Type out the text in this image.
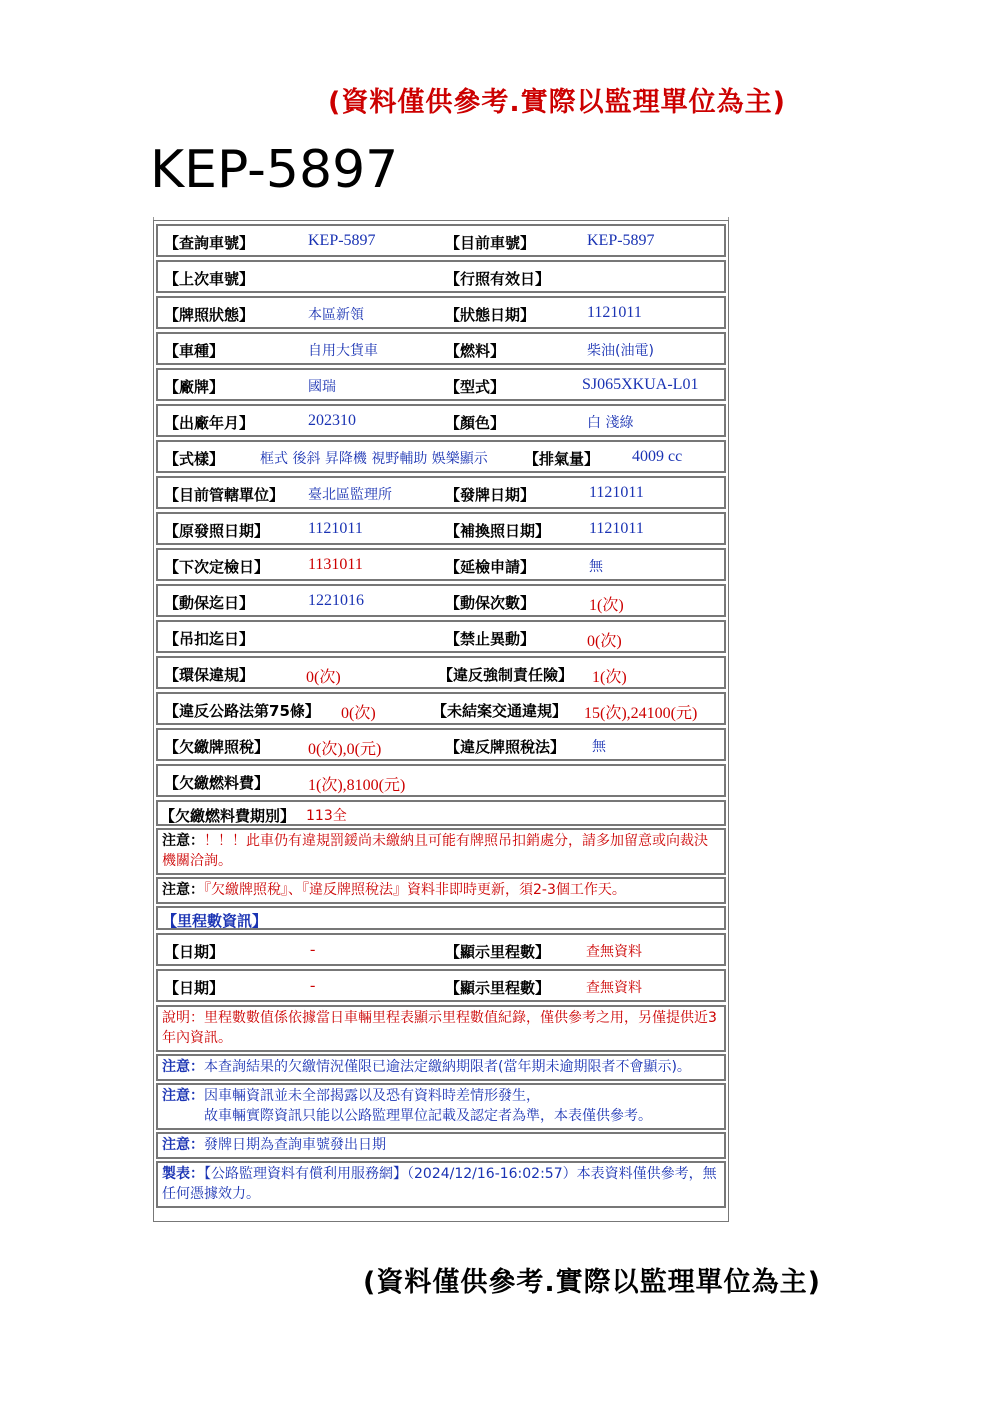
(資料僅供參考.實際以監理單位為主)
KEP-5897
【查詢車號】	KEP-5897	【目前車號】	KEP-5897
【上次車號】	【行照有效日】
【牌照狀態】	本區新領	【狀態日期】	1121011
【車種】	自用大貨車	【燃料】	柴油(油電)
【廠牌】	國瑞	【型式】	SJ065XKUA-L01
【出廠年月】	202310	【顏色】	白 淺綠
【式樣】	框式 後斜 昇降機 視野輔助 娛樂顯示 【排氣量】 4009 cc
【目前管轄單位】 臺北區監理所	【發牌日期】	1121011
【原發照日期】 1121011	【補換照日期】 1121011
【下次定檢日】 1131011	【延檢申請】	無
【動保迄日】	1221016	【動保次數】	1(次)
【吊扣迄日】	【禁止異動】	0(次)
【環保違規】	0(次)	【違反強制責任險】 1(次)
【違反公路法第75條】 0(次)	【未結案交通違規】 15(次),24100(元)
【欠繳牌照稅】 0(次),0(元)	【違反牌照稅法】 無
【欠繳燃料費】 1(次),8100(元)
【欠繳燃料費期別】 113全
注意：！！！此車仍有違規罰鍰尚未繳納且可能有牌照吊扣銷處分，請多加留意或向裁決機關洽詢。
注意：『欠繳牌照稅』、『違反牌照稅法』資料非即時更新，須2-3個工作天。
【里程數資訊】
【日期】	-	【顯示里程數】	查無資料
【日期】	-	【顯示里程數】	查無資料
說明：里程數數值係依據當日車輛里程表顯示里程數值紀錄，僅供參考之用，另僅提供近3年內資訊。
注意：本查詢結果的欠繳情況僅限已逾法定繳納期限者(當年期未逾期限者不會顯示)。
注意：因車輛資訊並未全部揭露以及恐有資料時差情形發生，
故車輛實際資訊只能以公路監理單位記載及認定者為準，本表僅供參考。
注意：發牌日期為查詢車號發出日期
製表：【公路監理資料有償利用服務網】（2024/12/16-16:02:57）本表資料僅供參考，無任何憑據效力。
(資料僅供參考.實際以監理單位為主)
